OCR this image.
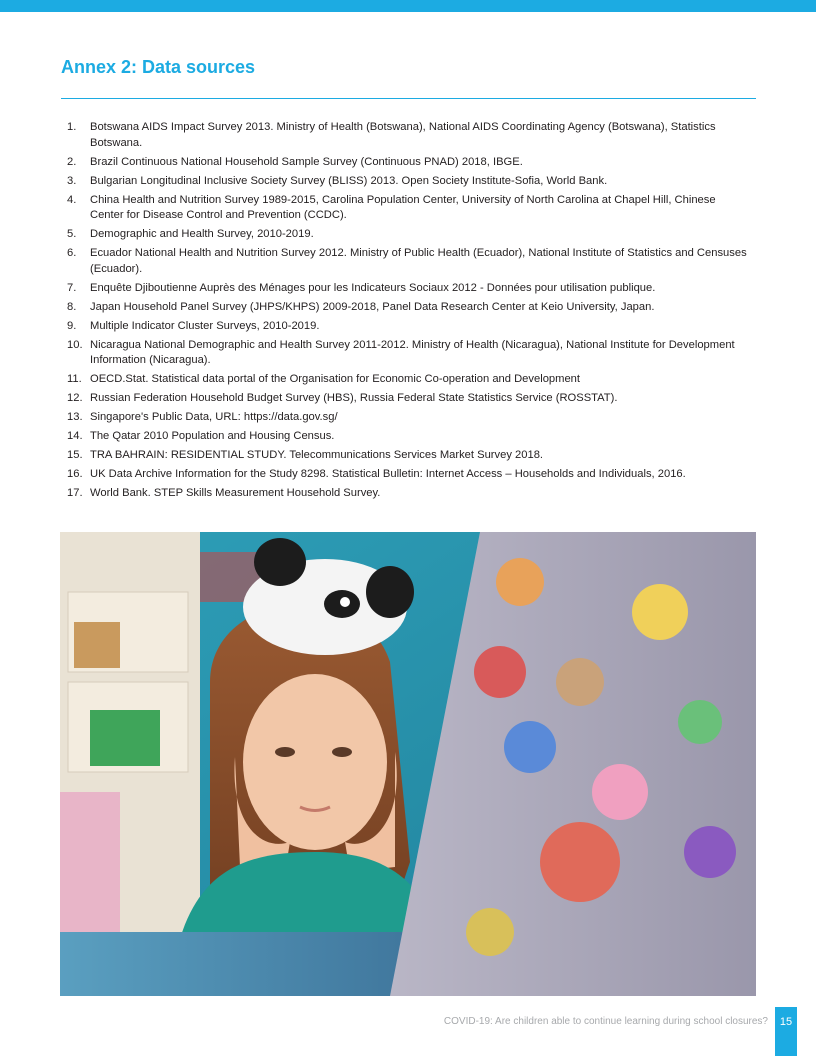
Annex 2: Data sources
1. Botswana AIDS Impact Survey 2013. Ministry of Health (Botswana), National AIDS Coordinating Agency (Botswana), Statistics Botswana.
2. Brazil Continuous National Household Sample Survey (Continuous PNAD) 2018, IBGE.
3. Bulgarian Longitudinal Inclusive Society Survey (BLISS) 2013. Open Society Institute-Sofia, World Bank.
4. China Health and Nutrition Survey 1989-2015, Carolina Population Center, University of North Carolina at Chapel Hill, Chinese Center for Disease Control and Prevention (CCDC).
5. Demographic and Health Survey, 2010-2019.
6. Ecuador National Health and Nutrition Survey 2012. Ministry of Public Health (Ecuador), National Institute of Statistics and Censuses (Ecuador).
7. Enquête Djiboutienne Auprès des Ménages pour les Indicateurs Sociaux 2012 - Données pour utilisation publique.
8. Japan Household Panel Survey (JHPS/KHPS) 2009-2018, Panel Data Research Center at Keio University, Japan.
9. Multiple Indicator Cluster Surveys, 2010-2019.
10. Nicaragua National Demographic and Health Survey 2011-2012. Ministry of Health (Nicaragua), National Institute for Development Information (Nicaragua).
11. OECD.Stat. Statistical data portal of the Organisation for Economic Co-operation and Development
12. Russian Federation Household Budget Survey (HBS), Russia Federal State Statistics Service (ROSSTAT).
13. Singapore's Public Data, URL: https://data.gov.sg/
14. The Qatar 2010 Population and Housing Census.
15. TRA BAHRAIN: RESIDENTIAL STUDY. Telecommunications Services Market Survey 2018.
16. UK Data Archive Information for the Study 8298. Statistical Bulletin: Internet Access – Households and Individuals, 2016.
17. World Bank. STEP Skills Measurement Household Survey.
COVID-19: Are children able to continue learning during school closures?	15
